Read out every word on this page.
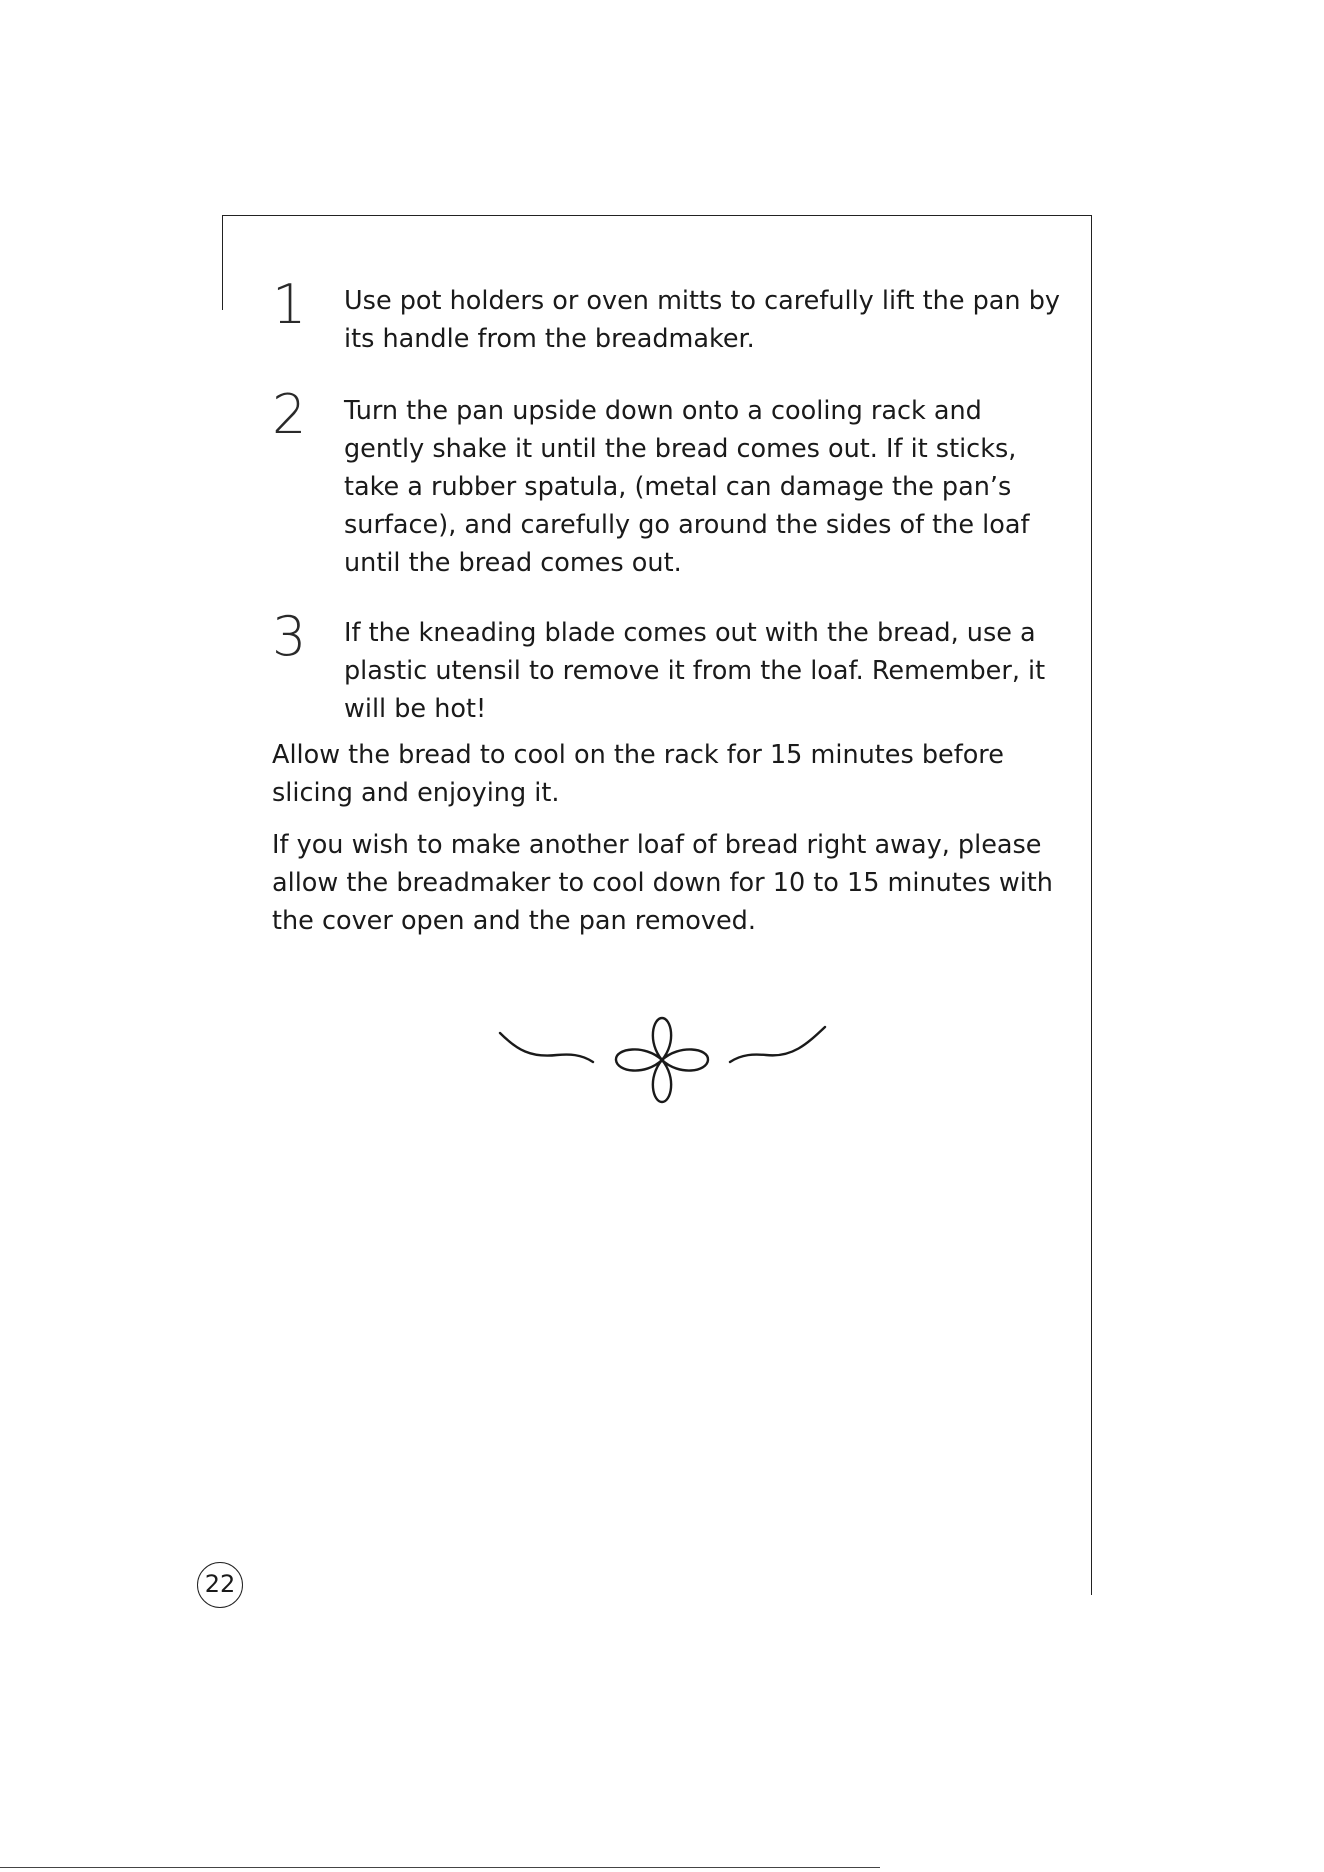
1 Use pot holders or oven mitts to carefully lift the pan by its handle from the breadmaker.
2 Turn the pan upside down onto a cooling rack and gently shake it until the bread comes out. If it sticks, take a rubber spatula, (metal can damage the pan’s surface), and carefully go around the sides of the loaf until the bread comes out.
3 If the kneading blade comes out with the bread, use a plastic utensil to remove it from the loaf. Remember, it will be hot!
Allow the bread to cool on the rack for 15 minutes before slicing and enjoying it.
If you wish to make another loaf of bread right away, please allow the breadmaker to cool down for 10 to 15 minutes with the cover open and the pan removed.
22
